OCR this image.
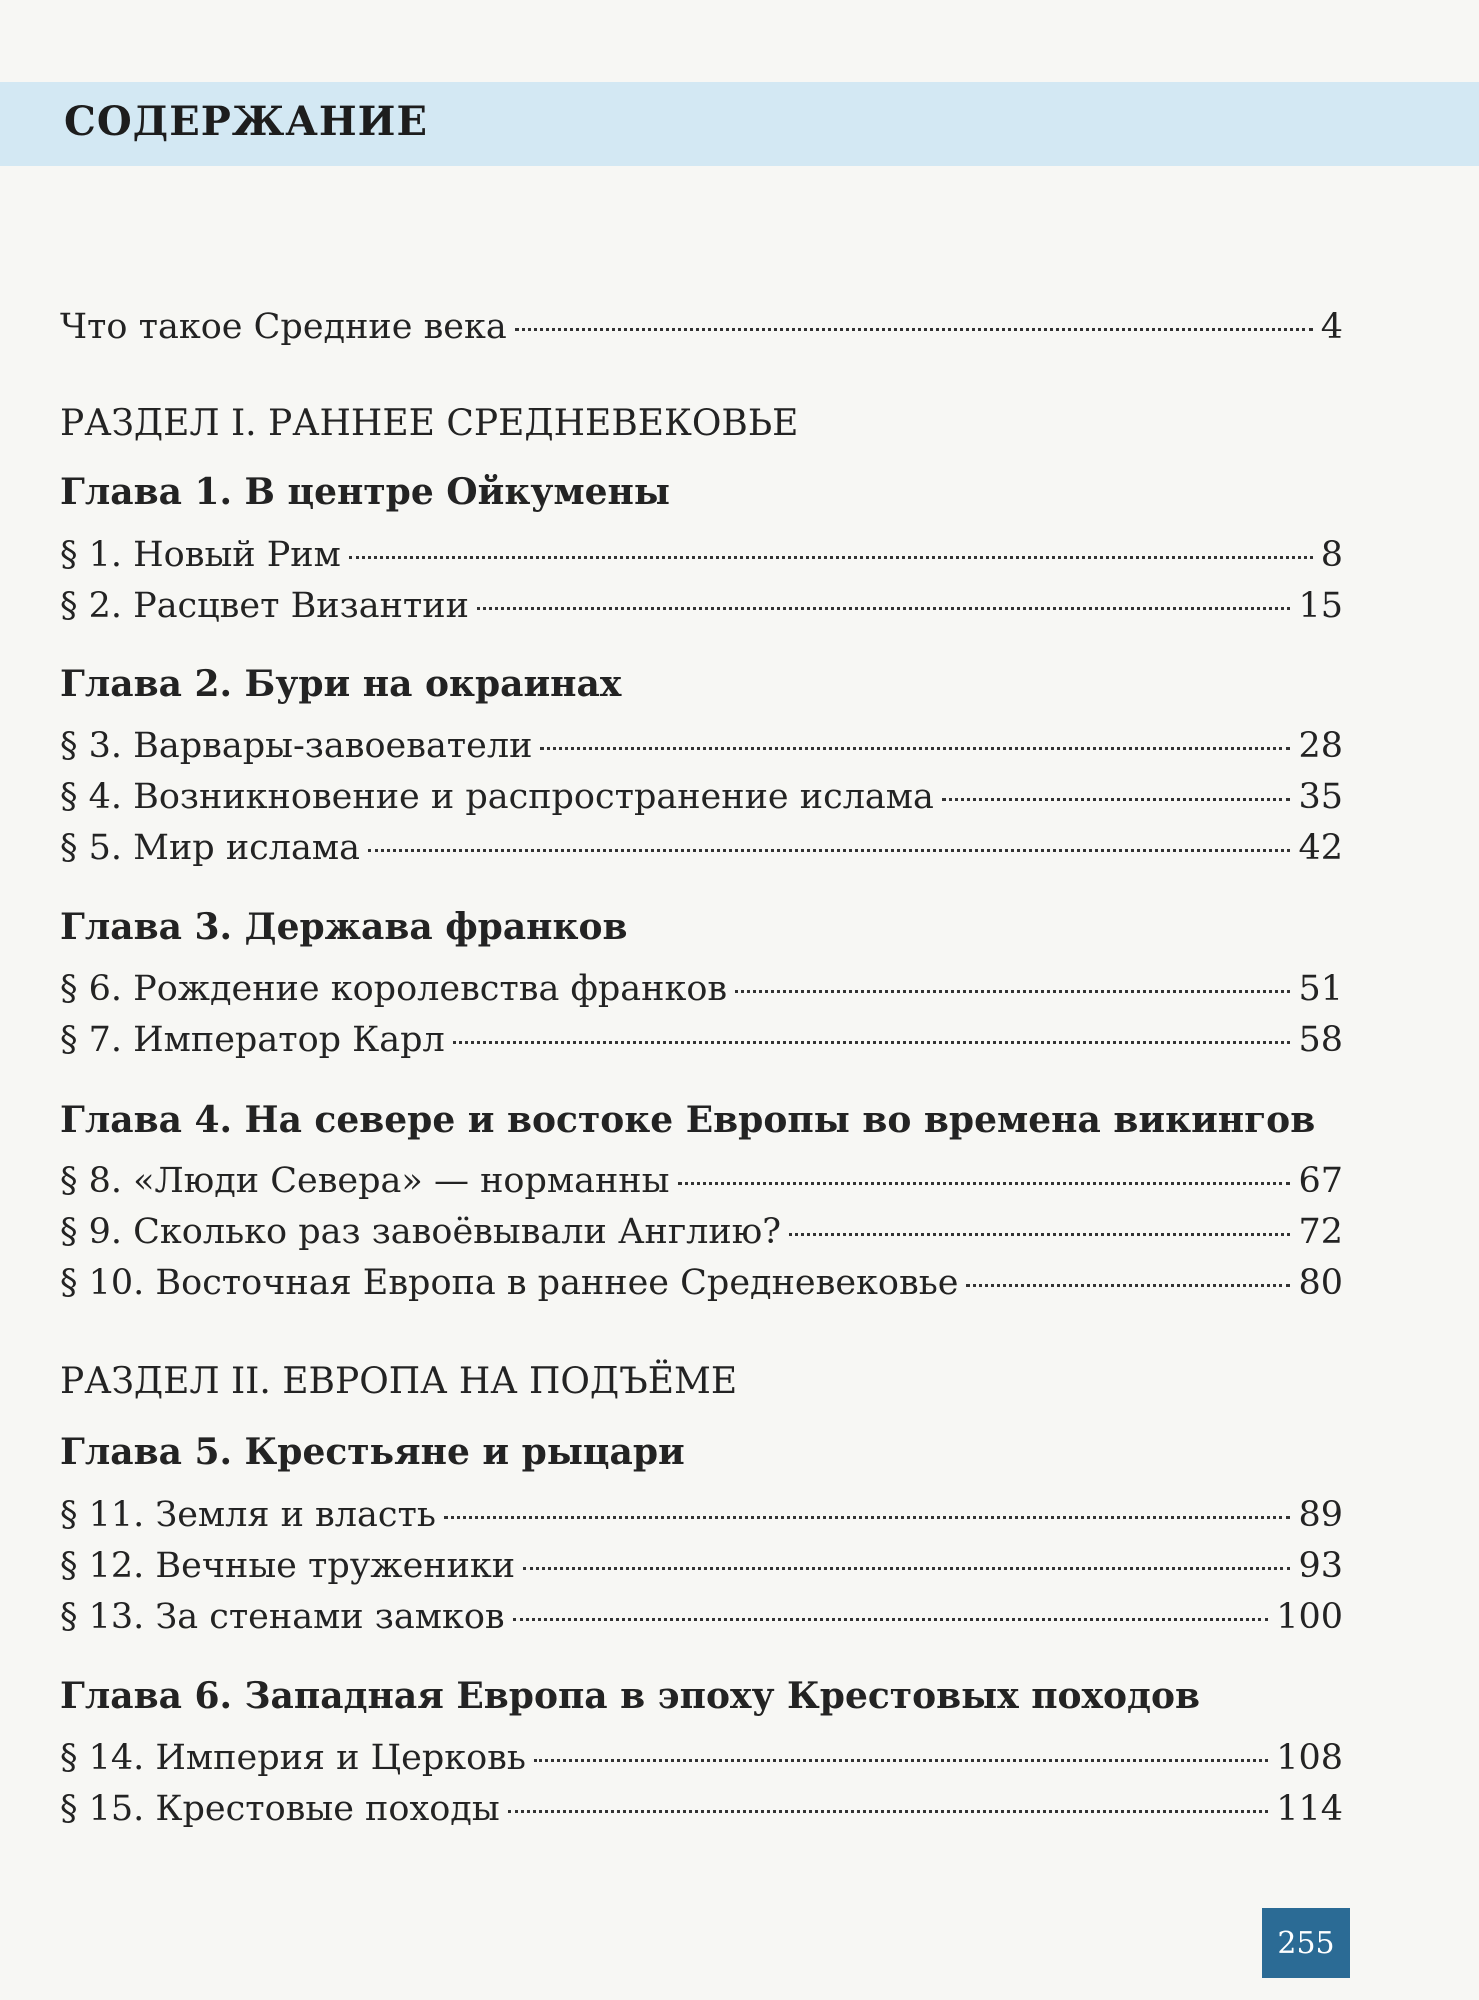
СОДЕРЖАНИЕ
Что такое Средние века	4
РАЗДЕЛ I. РАННЕЕ СРЕДНЕВЕКОВЬЕ
Глава 1. В центре Ойкумены
§ 1. Новый Рим	8
§ 2. Расцвет Византии	15
Глава 2. Бури на окраинах
§ 3. Варвары-завоеватели	28
§ 4. Возникновение и распространение ислама	35
§ 5. Мир ислама	42
Глава 3. Держава франков
§ 6. Рождение королевства франков	51
§ 7. Император Карл	58
Глава 4. На севере и востоке Европы во времена викингов
§ 8. «Люди Севера» — норманны	67
§ 9. Сколько раз завоёвывали Англию?	72
§ 10. Восточная Европа в раннее Средневековье	80
РАЗДЕЛ II. ЕВРОПА НА ПОДЪЁМЕ
Глава 5. Крестьяне и рыцари
§ 11. Земля и власть	89
§ 12. Вечные труженики	93
§ 13. За стенами замков	100
Глава 6. Западная Европа в эпоху Крестовых походов
§ 14. Империя и Церковь	108
§ 15. Крестовые походы	114
255
